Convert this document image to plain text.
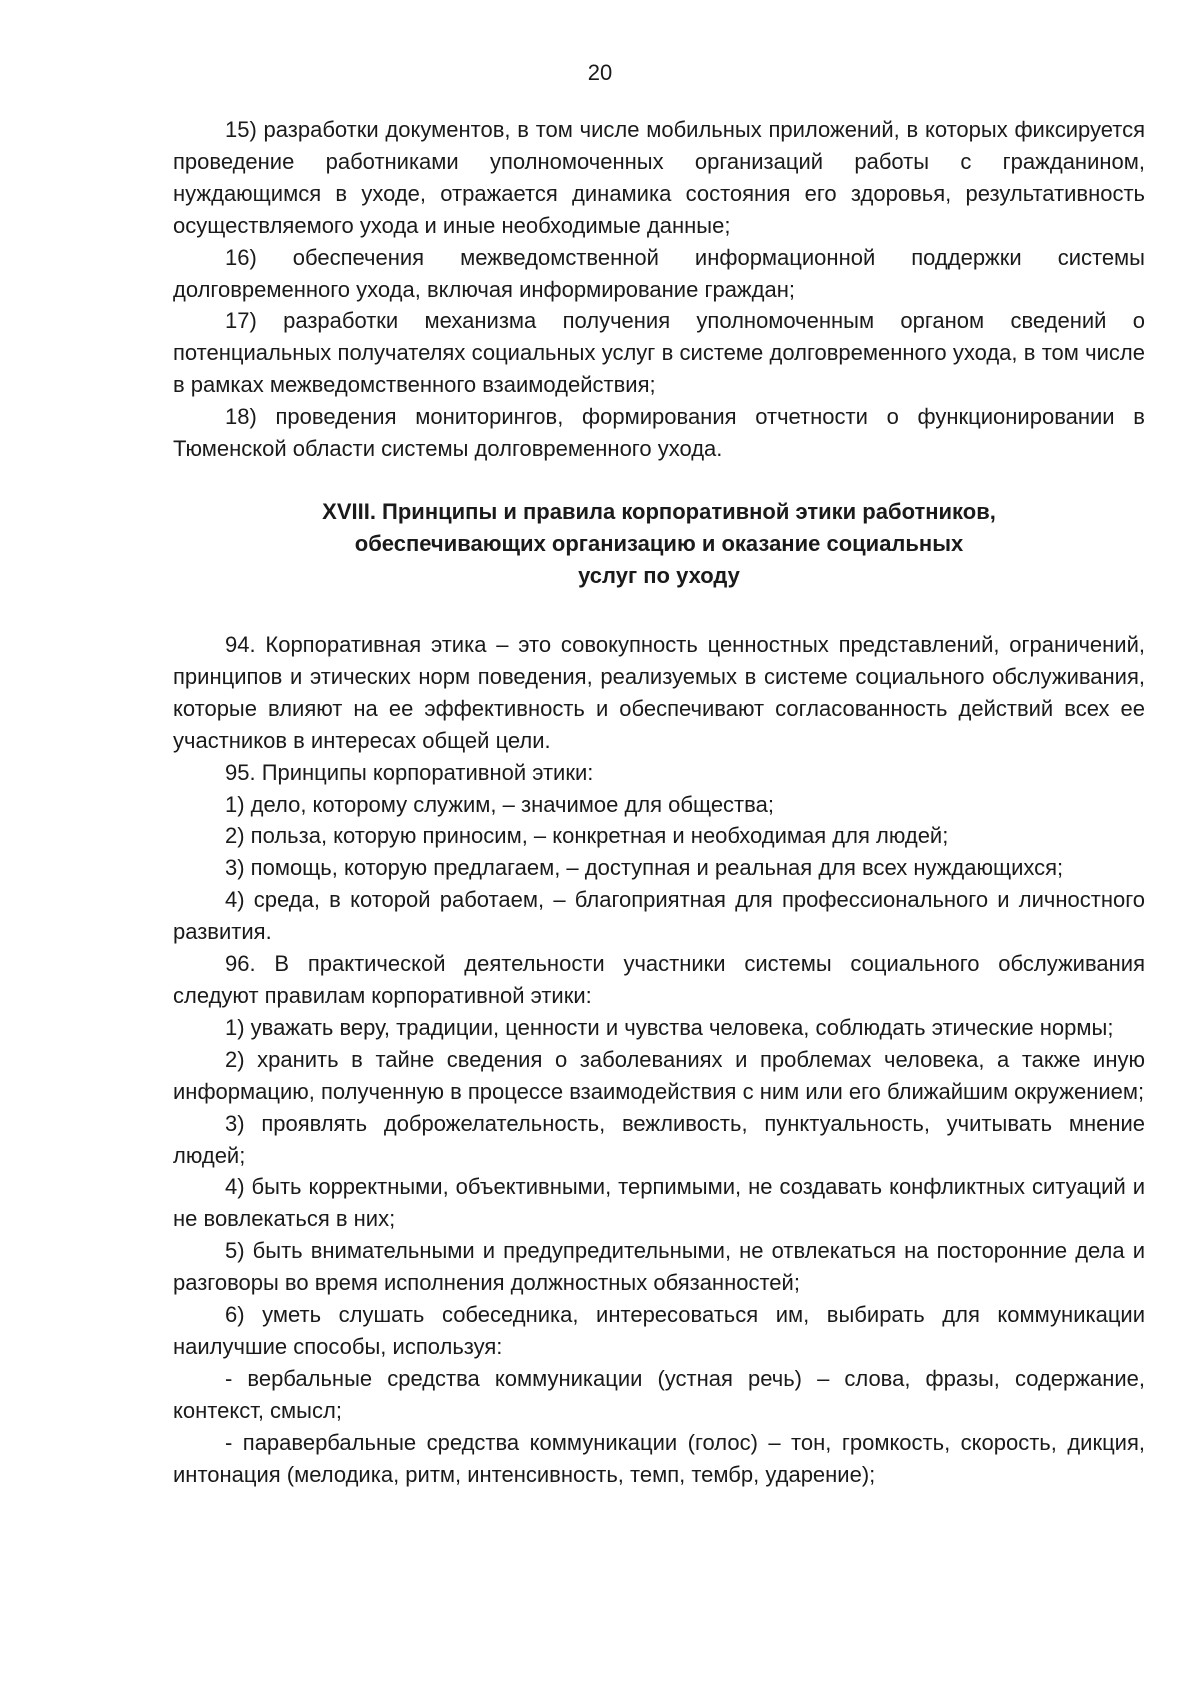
20

15) разработки документов, в том числе мобильных приложений, в которых фиксируется проведение работниками уполномоченных организаций работы с гражданином, нуждающимся в уходе, отражается динамика состояния его здоровья, результативность осуществляемого ухода и иные необходимые данные;

16) обеспечения межведомственной информационной поддержки системы долговременного ухода, включая информирование граждан;

17) разработки механизма получения уполномоченным органом сведений о потенциальных получателях социальных услуг в системе долговременного ухода, в том числе в рамках межведомственного взаимодействия;

18) проведения мониторингов, формирования отчетности о функционировании в Тюменской области системы долговременного ухода.

XVIII. Принципы и правила корпоративной этики работников,
обеспечивающих организацию и оказание социальных
услуг по уходу

94. Корпоративная этика – это совокупность ценностных представлений, ограничений, принципов и этических норм поведения, реализуемых в системе социального обслуживания, которые влияют на ее эффективность и обеспечивают согласованность действий всех ее участников в интересах общей цели.

95. Принципы корпоративной этики:

1) дело, которому служим, – значимое для общества;

2) польза, которую приносим, – конкретная и необходимая для людей;

3) помощь, которую предлагаем, – доступная и реальная для всех нуждающихся;

4) среда, в которой работаем, – благоприятная для профессионального и личностного развития.

96. В практической деятельности участники системы социального обслуживания следуют правилам корпоративной этики:

1) уважать веру, традиции, ценности и чувства человека, соблюдать этические нормы;

2) хранить в тайне сведения о заболеваниях и проблемах человека, а также иную информацию, полученную в процессе взаимодействия с ним или его ближайшим окружением;

3) проявлять доброжелательность, вежливость, пунктуальность, учитывать мнение людей;

4) быть корректными, объективными, терпимыми, не создавать конфликтных ситуаций и не вовлекаться в них;

5) быть внимательными и предупредительными, не отвлекаться на посторонние дела и разговоры во время исполнения должностных обязанностей;

6) уметь слушать собеседника, интересоваться им, выбирать для коммуникации наилучшие способы, используя:

- вербальные средства коммуникации (устная речь) – слова, фразы, содержание, контекст, смысл;

- паравербальные средства коммуникации (голос) – тон, громкость, скорость, дикция, интонация (мелодика, ритм, интенсивность, темп, тембр, ударение);
